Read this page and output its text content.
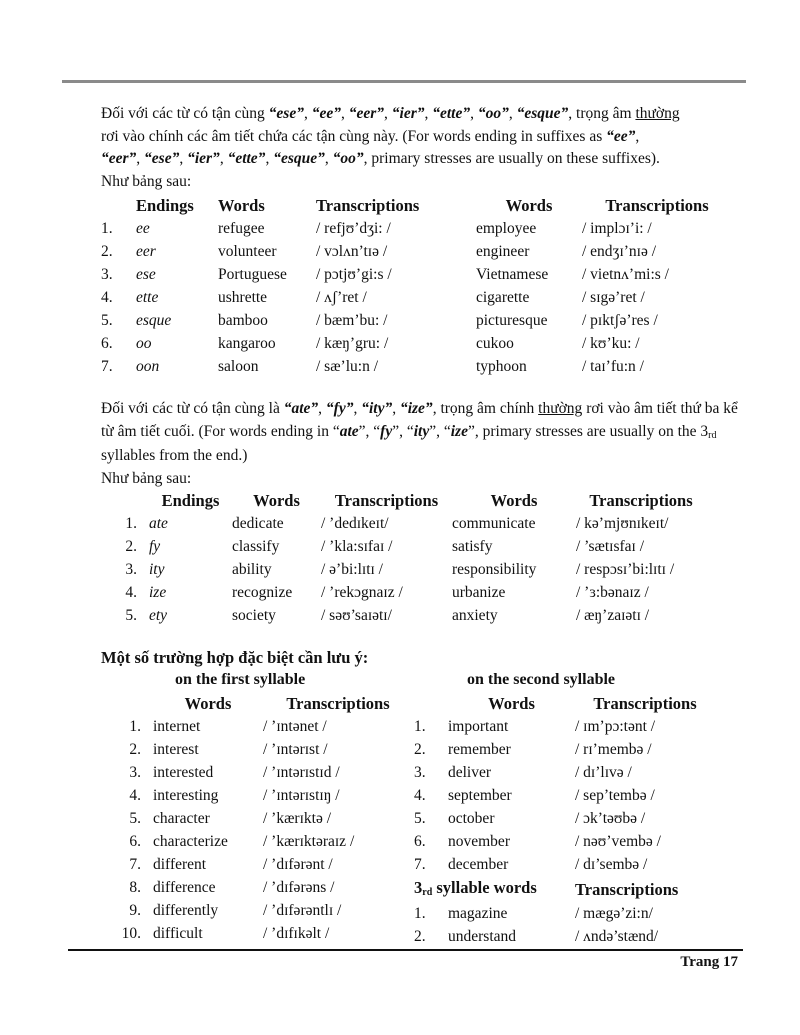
Đối với các từ có tận cùng “ese”, “ee”, “eer”, “ier”, “ette”, “oo”, “esque”, trọng âm thường
rơi vào chính các âm tiết chứa các tận cùng này. (For words ending in suffixes as “ee”,
“eer”, “ese”, “ier”, “ette”, “esque”, “oo”, primary stresses are usually on these suffixes).
Như bảng sau:
	Endings	Words	Transcriptions	Words	Transcriptions
1.	ee	refugee	/ refjʊ’dʒi: /	employee	/ implɔɪ’i: /
2.	eer	volunteer	/ vɔlʌn’tɪə /	engineer	/ endʒɪ’nɪə /
3.	ese	Portuguese	/ pɔtjʊ’gi:s /	Vietnamese	/ vietnʌ’mi:s /
4.	ette	ushrette	/ ʌʃ’ret /	cigarette	/ sɪgə’ret /
5.	esque	bamboo	/ bæm’bu: /	picturesque	/ pɪktʃə’res /
6.	oo	kangaroo	/ kæŋ’gru: /	cukoo	/ kʊ’ku: /
7.	oon	saloon	/ sæ’lu:n /	typhoon	/ taɪ’fu:n /
Đối với các từ có tận cùng là “ate”, “fy”, “ity”, “ize”, trọng âm chính thường rơi vào âm tiết thứ ba kể từ âm tiết cuối. (For words ending in “ate”, “fy”, “ity”, “ize”, primary stresses are usually on the $3_{rd}$ syllables from the end.)
Như bảng sau:
	Endings	Words	Transcriptions	Words	Transcriptions
1.	ate	dedicate	/ ’dedɪkeɪt/	communicate	/ kə’mjʊnɪkeɪt/
2.	fy	classify	/ ’kla:sɪfaɪ /	satisfy	/ ’sætɪsfaɪ /
3.	ity	ability	/ ə’bi:lɪtɪ /	responsibility	/ respɔsɪ’bi:lɪtɪ /
4.	ize	recognize	/ ’rekɔgnaɪz /	urbanize	/ ’ɜ:bənaɪz /
5.	ety	society	/ səʊ’saɪətɪ/	anxiety	/ æŋ’zaɪətɪ /
Một số trường hợp đặc biệt cần lưu ý:
on the first syllable	on the second syllable
	Words	Transcriptions
1.	internet	/ ’ɪntənet /
2.	interest	/ ’ɪntərɪst /
3.	interested	/ ’ɪntərɪstɪd /
4.	interesting	/ ’ɪntərɪstɪŋ /
5.	character	/ ’kærɪktə /
6.	characterize	/ ’kærɪktəraɪz /
7.	different	/ ’dɪfərənt /
8.	difference	/ ’dɪfərəns /
9.	differently	/ ’dɪfərəntlɪ /
10.	difficult	/ ’dɪfɪkəlt /
	Words	Transcriptions
1.	important	/ ɪm’pɔ:tənt /
2.	remember	/ rɪ’membə /
3.	deliver	/ dɪ’lɪvə /
4.	september	/ sep’tembə /
5.	october	/ ɔk’təʊbə /
6.	november	/ nəʊ’vembə /
7.	december	/ dɪ’sembə /
$3_{rd}$ syllable words		Transcriptions
1.	magazine	/ mægə’zi:n/
2.	understand	/ ʌndə’stænd/
Trang 17
